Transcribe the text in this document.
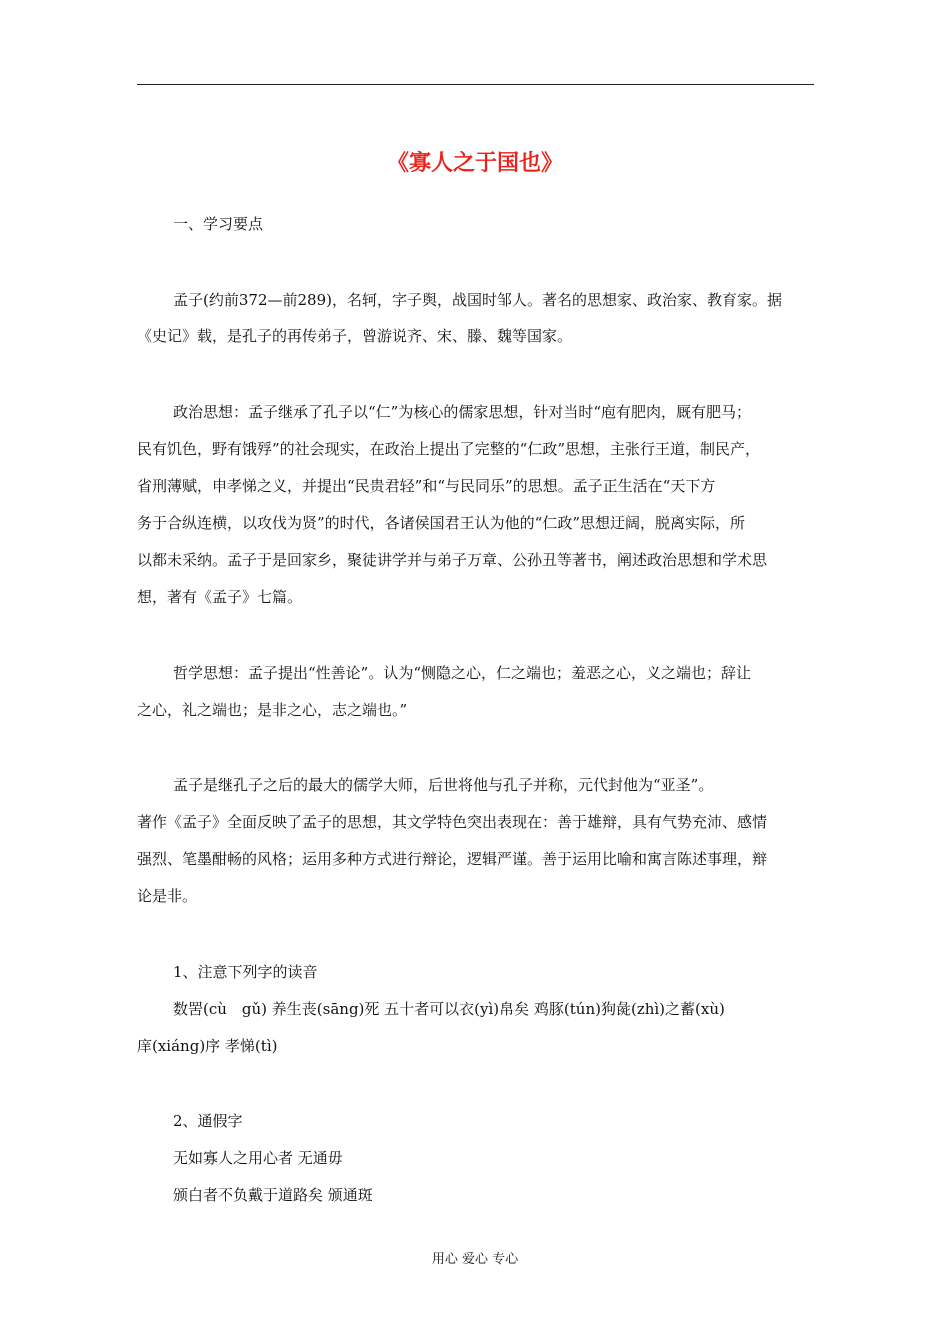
《寡人之于国也》
一、学习要点
孟子(约前372—前289)，名轲，字子舆，战国时邹人。著名的思想家、政治家、教育家。据
《史记》载，是孔子的再传弟子，曾游说齐、宋、滕、魏等国家。
政治思想：孟子继承了孔子以“仁”为核心的儒家思想，针对当时“庖有肥肉，厩有肥马；
民有饥色，野有饿殍”的社会现实，在政治上提出了完整的“仁政”思想，主张行王道，制民产，
省刑薄赋，申孝悌之义，并提出“民贵君轻”和“与民同乐”的思想。孟子正生活在“天下方
务于合纵连横，以攻伐为贤”的时代，各诸侯国君王认为他的“仁政”思想迂阔，脱离实际，所
以都未采纳。孟子于是回家乡，聚徒讲学并与弟子万章、公孙丑等著书，阐述政治思想和学术思
想，著有《孟子》七篇。
哲学思想：孟子提出“性善论”。认为“恻隐之心，仁之端也；羞恶之心，义之端也；辞让
之心，礼之端也；是非之心，志之端也。”
孟子是继孔子之后的最大的儒学大师，后世将他与孔子并称，元代封他为“亚圣”。
著作《孟子》全面反映了孟子的思想，其文学特色突出表现在：善于雄辩，具有气势充沛、感情
强烈、笔墨酣畅的风格；运用多种方式进行辩论，逻辑严谨。善于运用比喻和寓言陈述事理，辩
论是非。
1、注意下列字的读音
数罟(cù　gǔ) 养生丧(sāng)死 五十者可以衣(yì)帛矣 鸡豚(tún)狗彘(zhì)之蓄(xù)
庠(xiáng)序 孝悌(tì)
2、通假字
无如寡人之用心者 无通毋
颁白者不负戴于道路矣 颁通斑
用心 爱心 专心
